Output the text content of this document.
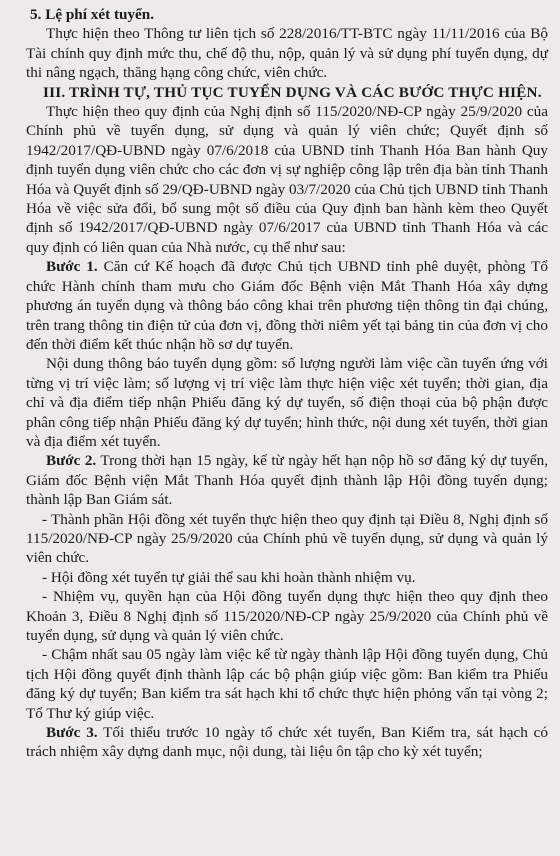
5. Lệ phí xét tuyển.

Thực hiện theo Thông tư liên tịch số 228/2016/TT-BTC ngày 11/11/2016 của Bộ Tài chính quy định mức thu, chế độ thu, nộp, quản lý và sử dụng phí tuyển dụng, dự thi nâng ngạch, thăng hạng công chức, viên chức.

III. TRÌNH TỰ, THỦ TỤC TUYỂN DỤNG VÀ CÁC BƯỚC THỰC HIỆN.

Thực hiện theo quy định của Nghị định số 115/2020/NĐ-CP ngày 25/9/2020 của Chính phủ về tuyển dụng, sử dụng và quản lý viên chức; Quyết định số 1942/2017/QĐ-UBND ngày 07/6/2018 của UBND tỉnh Thanh Hóa Ban hành Quy định tuyển dụng viên chức cho các đơn vị sự nghiệp công lập trên địa bàn tỉnh Thanh Hóa và Quyết định số 29/QĐ-UBND ngày 03/7/2020 của Chủ tịch UBND tỉnh Thanh Hóa về việc sửa đổi, bổ sung một số điều của Quy định ban hành kèm theo Quyết định số 1942/2017/QĐ-UBND ngày 07/6/2017 của UBND tỉnh Thanh Hóa và các quy định có liên quan của Nhà nước, cụ thể như sau:

Bước 1. Căn cứ Kế hoạch đã được Chủ tịch UBND tỉnh phê duyệt, phòng Tổ chức Hành chính tham mưu cho Giám đốc Bệnh viện Mắt Thanh Hóa xây dựng phương án tuyển dụng và thông báo công khai trên phương tiện thông tin đại chúng, trên trang thông tin điện tử của đơn vị, đồng thời niêm yết tại bảng tin của đơn vị cho đến thời điểm kết thúc nhận hồ sơ dự tuyển.

Nội dung thông báo tuyển dụng gồm: số lượng người làm việc cần tuyển ứng với từng vị trí việc làm; số lượng vị trí việc làm thực hiện việc xét tuyển; thời gian, địa chỉ và địa điểm tiếp nhận Phiếu đăng ký dự tuyển, số điện thoại của bộ phận được phân công tiếp nhận Phiếu đăng ký dự tuyển; hình thức, nội dung xét tuyển, thời gian và địa điểm xét tuyển.

Bước 2. Trong thời hạn 15 ngày, kể từ ngày hết hạn nộp hồ sơ đăng ký dự tuyển, Giám đốc Bệnh viện Mắt Thanh Hóa quyết định thành lập Hội đồng tuyển dụng; thành lập Ban Giám sát.

- Thành phần Hội đồng xét tuyển thực hiện theo quy định tại Điều 8, Nghị định số 115/2020/NĐ-CP ngày 25/9/2020 của Chính phủ về tuyển dụng, sử dụng và quản lý viên chức.

- Hội đồng xét tuyển tự giải thể sau khi hoàn thành nhiệm vụ.

- Nhiệm vụ, quyền hạn của Hội đồng tuyển dụng thực hiện theo quy định theo Khoản 3, Điều 8 Nghị định số 115/2020/NĐ-CP ngày 25/9/2020 của Chính phủ về tuyển dụng, sử dụng và quản lý viên chức.

- Chậm nhất sau 05 ngày làm việc kể từ ngày thành lập Hội đồng tuyển dụng, Chủ tịch Hội đồng quyết định thành lập các bộ phận giúp việc gồm: Ban kiểm tra Phiếu đăng ký dự tuyển; Ban kiểm tra sát hạch khi tổ chức thực hiện phỏng vấn tại vòng 2; Tổ Thư ký giúp việc.

Bước 3. Tối thiểu trước 10 ngày tổ chức xét tuyển, Ban Kiểm tra, sát hạch có trách nhiệm xây dựng danh mục, nội dung, tài liệu ôn tập cho kỳ xét tuyển;
